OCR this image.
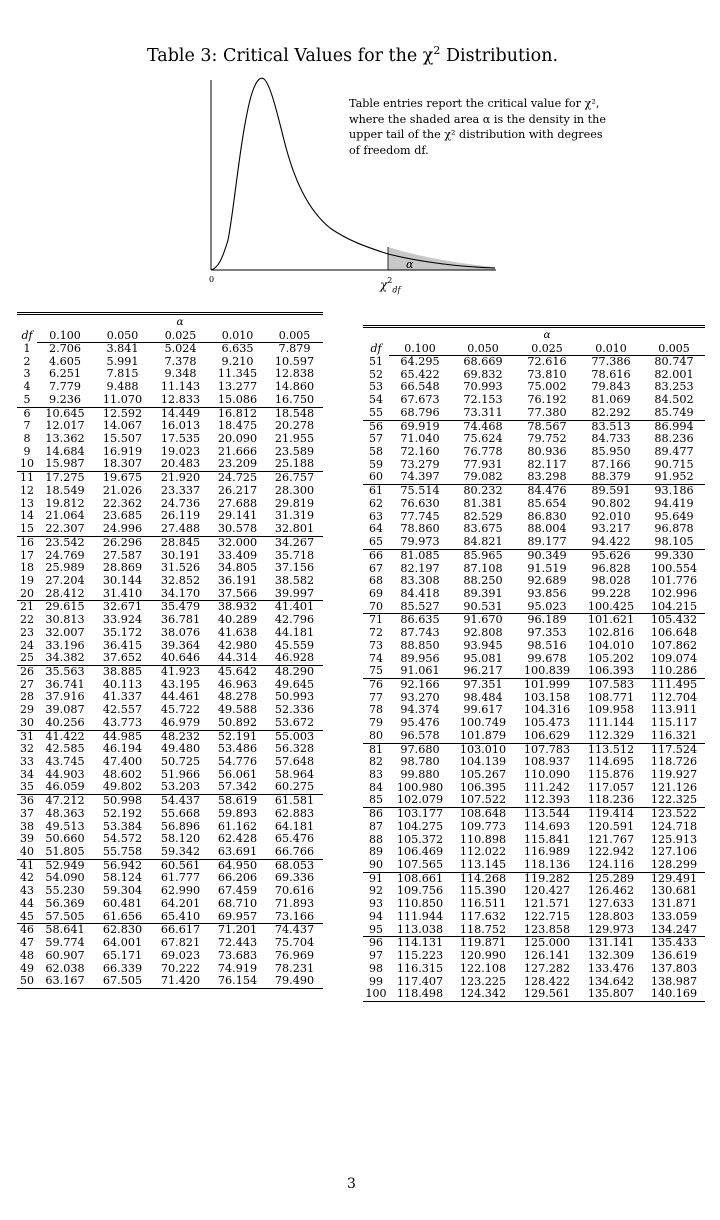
Table 3: Critical Values for the $\chi^2$ Distribution.
Table entries report the critical value for χ², where the shaded area α is the density in the upper tail of the χ² distribution with degrees of freedom df.
α
0	$\chi^2_{df}$
	α				
df	0.100	0.050	0.025	0.010	0.005
1	2.706	3.841	5.024	6.635	7.879
2	4.605	5.991	7.378	9.210	10.597
3	6.251	7.815	9.348	11.345	12.838
4	7.779	9.488	11.143	13.277	14.860
5	9.236	11.070	12.833	15.086	16.750
6	10.645	12.592	14.449	16.812	18.548
7	12.017	14.067	16.013	18.475	20.278
8	13.362	15.507	17.535	20.090	21.955
9	14.684	16.919	19.023	21.666	23.589
10	15.987	18.307	20.483	23.209	25.188
11	17.275	19.675	21.920	24.725	26.757
12	18.549	21.026	23.337	26.217	28.300
13	19.812	22.362	24.736	27.688	29.819
14	21.064	23.685	26.119	29.141	31.319
15	22.307	24.996	27.488	30.578	32.801
16	23.542	26.296	28.845	32.000	34.267
17	24.769	27.587	30.191	33.409	35.718
18	25.989	28.869	31.526	34.805	37.156
19	27.204	30.144	32.852	36.191	38.582
20	28.412	31.410	34.170	37.566	39.997
21	29.615	32.671	35.479	38.932	41.401
22	30.813	33.924	36.781	40.289	42.796
23	32.007	35.172	38.076	41.638	44.181
24	33.196	36.415	39.364	42.980	45.559
25	34.382	37.652	40.646	44.314	46.928
26	35.563	38.885	41.923	45.642	48.290
27	36.741	40.113	43.195	46.963	49.645
28	37.916	41.337	44.461	48.278	50.993
29	39.087	42.557	45.722	49.588	52.336
30	40.256	43.773	46.979	50.892	53.672
31	41.422	44.985	48.232	52.191	55.003
32	42.585	46.194	49.480	53.486	56.328
33	43.745	47.400	50.725	54.776	57.648
34	44.903	48.602	51.966	56.061	58.964
35	46.059	49.802	53.203	57.342	60.275
36	47.212	50.998	54.437	58.619	61.581
37	48.363	52.192	55.668	59.893	62.883
38	49.513	53.384	56.896	61.162	64.181
39	50.660	54.572	58.120	62.428	65.476
40	51.805	55.758	59.342	63.691	66.766
41	52.949	56.942	60.561	64.950	68.053
42	54.090	58.124	61.777	66.206	69.336
43	55.230	59.304	62.990	67.459	70.616
44	56.369	60.481	64.201	68.710	71.893
45	57.505	61.656	65.410	69.957	73.166
46	58.641	62.830	66.617	71.201	74.437
47	59.774	64.001	67.821	72.443	75.704
48	60.907	65.171	69.023	73.683	76.969
49	62.038	66.339	70.222	74.919	78.231
50	63.167	67.505	71.420	76.154	79.490
	α				
df	0.100	0.050	0.025	0.010	0.005
51	64.295	68.669	72.616	77.386	80.747
52	65.422	69.832	73.810	78.616	82.001
53	66.548	70.993	75.002	79.843	83.253
54	67.673	72.153	76.192	81.069	84.502
55	68.796	73.311	77.380	82.292	85.749
56	69.919	74.468	78.567	83.513	86.994
57	71.040	75.624	79.752	84.733	88.236
58	72.160	76.778	80.936	85.950	89.477
59	73.279	77.931	82.117	87.166	90.715
60	74.397	79.082	83.298	88.379	91.952
61	75.514	80.232	84.476	89.591	93.186
62	76.630	81.381	85.654	90.802	94.419
63	77.745	82.529	86.830	92.010	95.649
64	78.860	83.675	88.004	93.217	96.878
65	79.973	84.821	89.177	94.422	98.105
66	81.085	85.965	90.349	95.626	99.330
67	82.197	87.108	91.519	96.828	100.554
68	83.308	88.250	92.689	98.028	101.776
69	84.418	89.391	93.856	99.228	102.996
70	85.527	90.531	95.023	100.425	104.215
71	86.635	91.670	96.189	101.621	105.432
72	87.743	92.808	97.353	102.816	106.648
73	88.850	93.945	98.516	104.010	107.862
74	89.956	95.081	99.678	105.202	109.074
75	91.061	96.217	100.839	106.393	110.286
76	92.166	97.351	101.999	107.583	111.495
77	93.270	98.484	103.158	108.771	112.704
78	94.374	99.617	104.316	109.958	113.911
79	95.476	100.749	105.473	111.144	115.117
80	96.578	101.879	106.629	112.329	116.321
81	97.680	103.010	107.783	113.512	117.524
82	98.780	104.139	108.937	114.695	118.726
83	99.880	105.267	110.090	115.876	119.927
84	100.980	106.395	111.242	117.057	121.126
85	102.079	107.522	112.393	118.236	122.325
86	103.177	108.648	113.544	119.414	123.522
87	104.275	109.773	114.693	120.591	124.718
88	105.372	110.898	115.841	121.767	125.913
89	106.469	112.022	116.989	122.942	127.106
90	107.565	113.145	118.136	124.116	128.299
91	108.661	114.268	119.282	125.289	129.491
92	109.756	115.390	120.427	126.462	130.681
93	110.850	116.511	121.571	127.633	131.871
94	111.944	117.632	122.715	128.803	133.059
95	113.038	118.752	123.858	129.973	134.247
96	114.131	119.871	125.000	131.141	135.433
97	115.223	120.990	126.141	132.309	136.619
98	116.315	122.108	127.282	133.476	137.803
99	117.407	123.225	128.422	134.642	138.987
100	118.498	124.342	129.561	135.807	140.169
3
